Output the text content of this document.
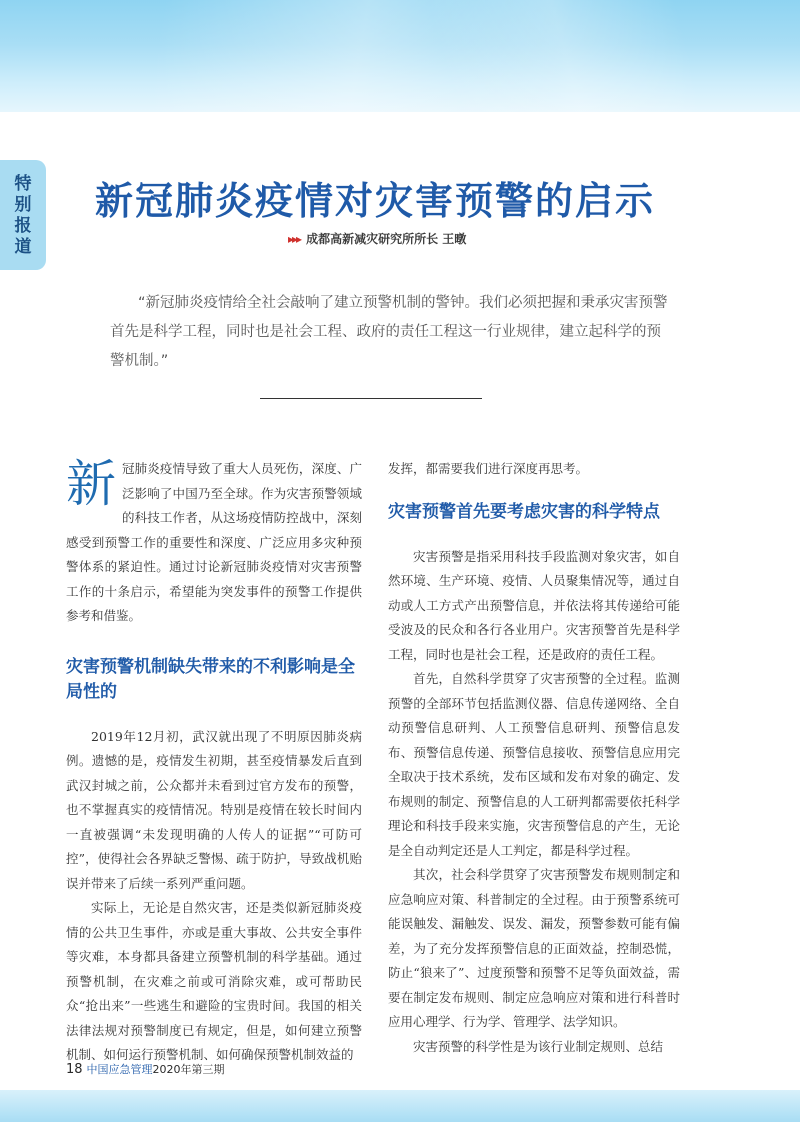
特别报道
新冠肺炎疫情对灾害预警的启示
▸▸▸ 成都高新减灾研究所所长 王暾

“新冠肺炎疫情给全社会敲响了建立预警机制的警钟。我们必须把握和秉承灾害预警首先是科学工程，同时也是社会工程、政府的责任工程这一行业规律，建立起科学的预警机制。”

新冠肺炎疫情导致了重大人员死伤，深度、广泛影响了中国乃至全球。作为灾害预警领域的科技工作者，从这场疫情防控战中，深刻感受到预警工作的重要性和深度、广泛应用多灾种预警体系的紧迫性。通过讨论新冠肺炎疫情对灾害预警工作的十条启示，希望能为突发事件的预警工作提供参考和借鉴。

灾害预警机制缺失带来的不利影响是全局性的

2019年12月初，武汉就出现了不明原因肺炎病例。遗憾的是，疫情发生初期，甚至疫情暴发后直到武汉封城之前，公众都并未看到过官方发布的预警，也不掌握真实的疫情情况。特别是疫情在较长时间内一直被强调“未发现明确的人传人的证据”“可防可控”，使得社会各界缺乏警惕、疏于防护，导致战机贻误并带来了后续一系列严重问题。

实际上，无论是自然灾害，还是类似新冠肺炎疫情的公共卫生事件，亦或是重大事故、公共安全事件等灾难，本身都具备建立预警机制的科学基础。通过预警机制，在灾难之前或可消除灾难，或可帮助民众“抢出来”一些逃生和避险的宝贵时间。我国的相关法律法规对预警制度已有规定，但是，如何建立预警机制、如何运行预警机制、如何确保预警机制效益的

发挥，都需要我们进行深度再思考。

灾害预警首先要考虑灾害的科学特点

灾害预警是指采用科技手段监测对象灾害，如自然环境、生产环境、疫情、人员聚集情况等，通过自动或人工方式产出预警信息，并依法将其传递给可能受波及的民众和各行各业用户。灾害预警首先是科学工程，同时也是社会工程，还是政府的责任工程。

首先，自然科学贯穿了灾害预警的全过程。监测预警的全部环节包括监测仪器、信息传递网络、全自动预警信息研判、人工预警信息研判、预警信息发布、预警信息传递、预警信息接收、预警信息应用完全取决于技术系统，发布区域和发布对象的确定、发布规则的制定、预警信息的人工研判都需要依托科学理论和科技手段来实施，灾害预警信息的产生，无论是全自动判定还是人工判定，都是科学过程。

其次，社会科学贯穿了灾害预警发布规则制定和应急响应对策、科普制定的全过程。由于预警系统可能误触发、漏触发、误发、漏发，预警参数可能有偏差，为了充分发挥预警信息的正面效益，控制恐慌，防止“狼来了”、过度预警和预警不足等负面效益，需要在制定发布规则、制定应急响应对策和进行科普时应用心理学、行为学、管理学、法学知识。

灾害预警的科学性是为该行业制定规则、总结

18 中国应急管理2020年第三期
